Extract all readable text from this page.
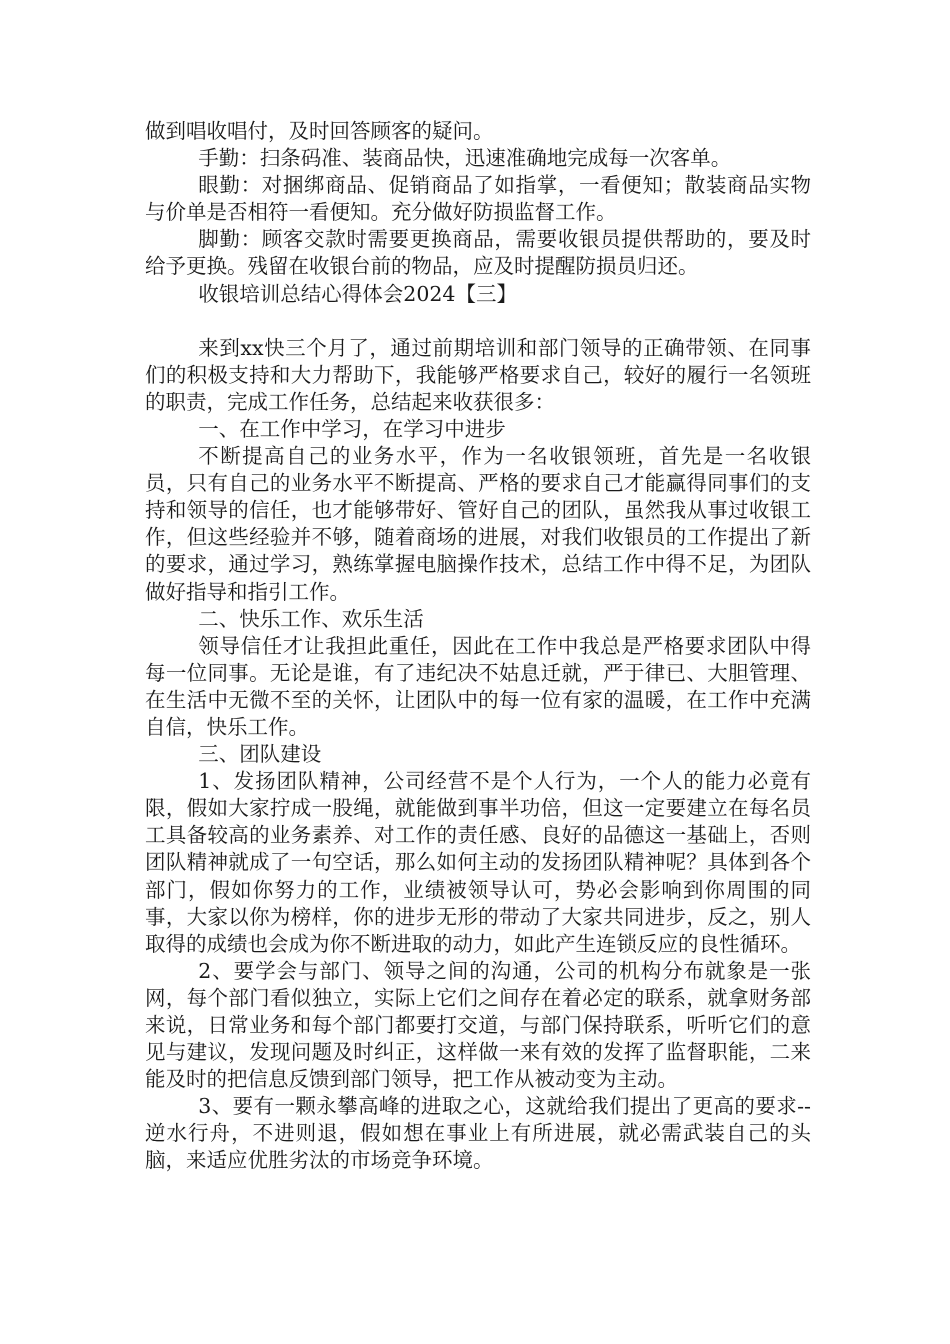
做到唱收唱付，及时回答顾客的疑问。

手勤：扫条码准、装商品快，迅速准确地完成每一次客单。

眼勤：对捆绑商品、促销商品了如指掌，一看便知；散装商品实物与价单是否相符一看便知。充分做好防损监督工作。

脚勤：顾客交款时需要更换商品，需要收银员提供帮助的，要及时给予更换。残留在收银台前的物品，应及时提醒防损员归还。

收银培训总结心得体会2024【三】

来到xx快三个月了，通过前期培训和部门领导的正确带领、在同事们的积极支持和大力帮助下，我能够严格要求自己，较好的履行一名领班的职责，完成工作任务，总结起来收获很多：

一、在工作中学习，在学习中进步

不断提高自己的业务水平，作为一名收银领班，首先是一名收银员，只有自己的业务水平不断提高、严格的要求自己才能赢得同事们的支持和领导的信任，也才能够带好、管好自己的团队，虽然我从事过收银工作，但这些经验并不够，随着商场的进展，对我们收银员的工作提出了新的要求，通过学习，熟练掌握电脑操作技术，总结工作中得不足，为团队做好指导和指引工作。

二、快乐工作、欢乐生活

领导信任才让我担此重任，因此在工作中我总是严格要求团队中得每一位同事。无论是谁，有了违纪决不姑息迁就，严于律已、大胆管理、在生活中无微不至的关怀，让团队中的每一位有家的温暖，在工作中充满自信，快乐工作。

三、团队建设

1、发扬团队精神，公司经营不是个人行为，一个人的能力必竟有限，假如大家拧成一股绳，就能做到事半功倍，但这一定要建立在每名员工具备较高的业务素养、对工作的责任感、良好的品德这一基础上，否则团队精神就成了一句空话，那么如何主动的发扬团队精神呢？具体到各个部门，假如你努力的工作，业绩被领导认可，势必会影响到你周围的同事，大家以你为榜样，你的进步无形的带动了大家共同进步，反之，别人取得的成绩也会成为你不断进取的动力，如此产生连锁反应的良性循环。

2、要学会与部门、领导之间的沟通，公司的机构分布就象是一张网，每个部门看似独立，实际上它们之间存在着必定的联系，就拿财务部来说，日常业务和每个部门都要打交道，与部门保持联系，听听它们的意见与建议，发现问题及时纠正，这样做一来有效的发挥了监督职能，二来能及时的把信息反馈到部门领导，把工作从被动变为主动。

3、要有一颗永攀高峰的进取之心，这就给我们提出了更高的要求--逆水行舟，不进则退，假如想在事业上有所进展，就必需武装自己的头脑，来适应优胜劣汰的市场竞争环境。
